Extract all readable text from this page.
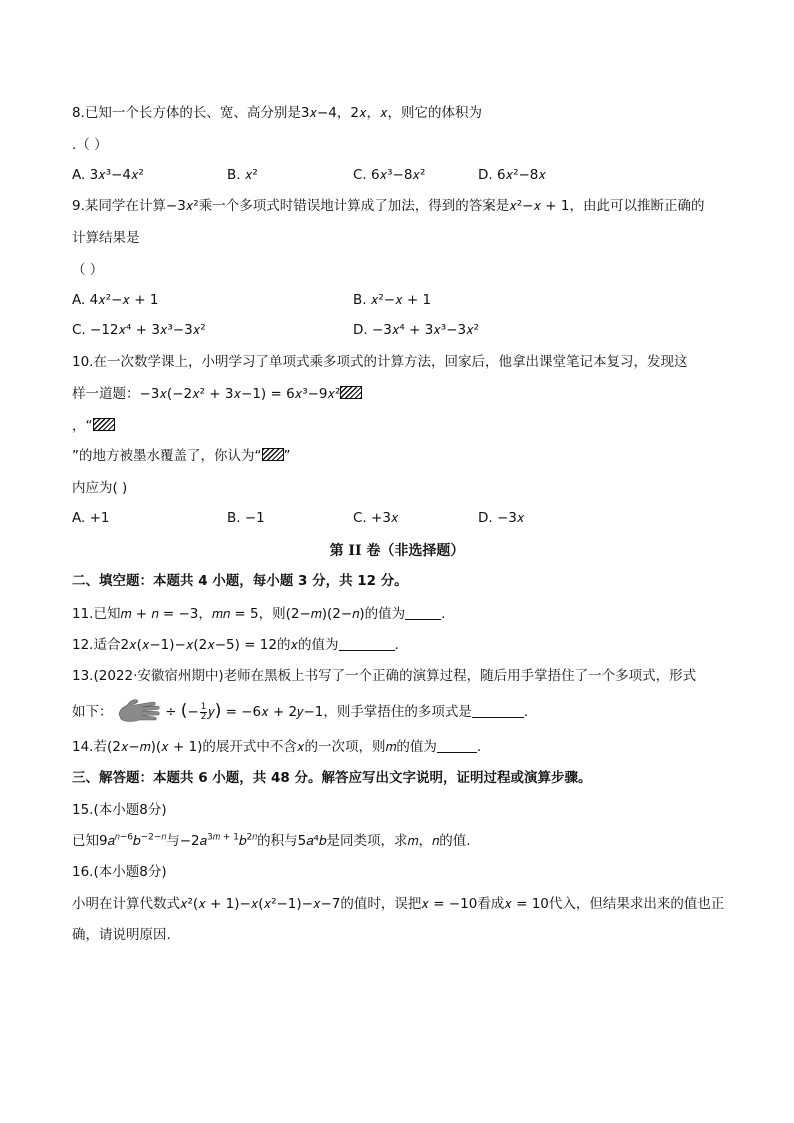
8.已知一个长方体的长、宽、高分别是3𝑥−4，2𝑥，𝑥，则它的体积为
.（ ）
A. 3𝑥³−4𝑥²	B. 𝑥²	C. 6𝑥³−8𝑥²	D. 6𝑥²−8𝑥
9.某同学在计算−3𝑥²乘一个多项式时错误地计算成了加法，得到的答案是𝑥²−𝑥 + 1，由此可以推断正确的
计算结果是
（ ）
A. 4𝑥²−𝑥 + 1	B. 𝑥²−𝑥 + 1
C. −12𝑥⁴ + 3𝑥³−3𝑥²	D. −3𝑥⁴ + 3𝑥³−3𝑥²
10.在一次数学课上，小明学习了单项式乘多项式的计算方法，回家后，他拿出课堂笔记本复习，发现这
样一道题：−3𝑥(−2𝑥² + 3𝑥−1) = 6𝑥³−9𝑥²
，“
”的地方被墨水覆盖了，你认为“ ”
内应为( )
A. +1	B. −1	C. +3𝑥	D. −3𝑥
第 II 卷（非选择题）
二、填空题：本题共 4 小题，每小题 3 分，共 12 分。
11.已知𝑚 + 𝑛 = −3，𝑚𝑛 = 5，则(2−𝑚)(2−𝑛)的值为	.
12.适合2𝑥(𝑥−1)−𝑥(2𝑥−5) = 12的𝑥的值为	.
13.(2022·安徽宿州期中)老师在黑板上书写了一个正确的演算过程，随后用手掌捂住了一个多项式，形式
如下：	÷ (− $\frac{1}{2}$ 𝑦) = −6𝑥 + 2𝑦−1，则手掌捂住的多项式是	.
14.若(2𝑥−𝑚)(𝑥 + 1)的展开式中不含𝑥的一次项，则𝑚的值为	.
三、解答题：本题共 6 小题，共 48 分。解答应写出文字说明，证明过程或演算步骤。
15.(本小题8分)
已知9𝑎$^{𝑛-6}$𝑏$^{-2-𝑛}$与−2𝑎$^{3𝑚 + 1}$𝑏$^{2𝑛}$的积与5𝑎⁴𝑏是同类项，求𝑚，𝑛的值.
16.(本小题8分)
小明在计算代数式𝑥²(𝑥 + 1)−𝑥(𝑥²−1)−𝑥−7的值时，误把𝑥 = −10看成𝑥 = 10代入，但结果求出来的值也正
确，请说明原因.
